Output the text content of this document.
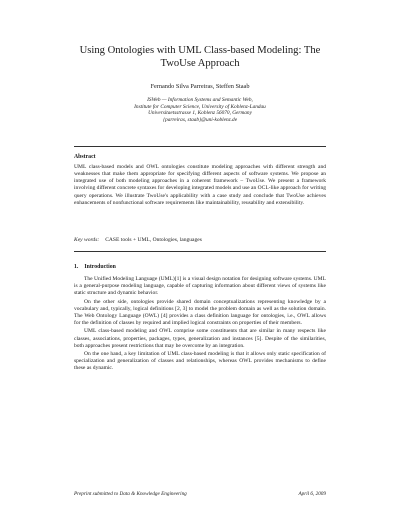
Using Ontologies with UML Class-based Modeling: The
TwoUse Approach
Fernando Silva Parreiras, Steffen Staab
ISWeb — Information Systems and Semantic Web,
Institute for Computer Science, University of Koblenz-Landau
Universitaetsstrasse 1, Koblenz 56070, Germany
{parreiras, staab}@uni-koblenz.de
Abstract

UML class-based models and OWL ontologies constitute modeling approaches with different strength and weaknesses that make them appropriate for specifying different aspects of software systems. We propose an integrated use of both modeling approaches in a coherent framework – TwoUse. We present a framework involving different concrete syntaxes for developing integrated models and use an OCL-like approach for writing query operations. We illustrate TwoUse's applicability with a case study and conclude that TwoUse achieves enhancements of nonfunctional software requirements like maintainability, reusability and extensibility.

Key words: CASE tools + UML, Ontologies, languages
1. Introduction

The Unified Modeling Language (UML)[1] is a visual design notation for designing software systems. UML is a general-purpose modeling language, capable of capturing information about different views of systems like static structure and dynamic behavior.

On the other side, ontologies provide shared domain conceptualizations representing knowledge by a vocabulary and, typically, logical definitions [2, 3] to model the problem domain as well as the solution domain. The Web Ontology Language (OWL) [4] provides a class definition language for ontologies, i.e., OWL allows for the definition of classes by required and implied logical constraints on properties of their members.

UML class-based modeling and OWL comprise some constituents that are similar in many respects like classes, associations, properties, packages, types, generalization and instances [5]. Despite of the similarities, both approaches present restrictions that may be overcome by an integration.

On the one hand, a key limitation of UML class-based modeling is that it allows only static specification of specialization and generalization of classes and relationships, whereas OWL provides mechanisms to define these as dynamic.

Preprint submitted to Data & Knowledge Engineering	April 6, 2009
